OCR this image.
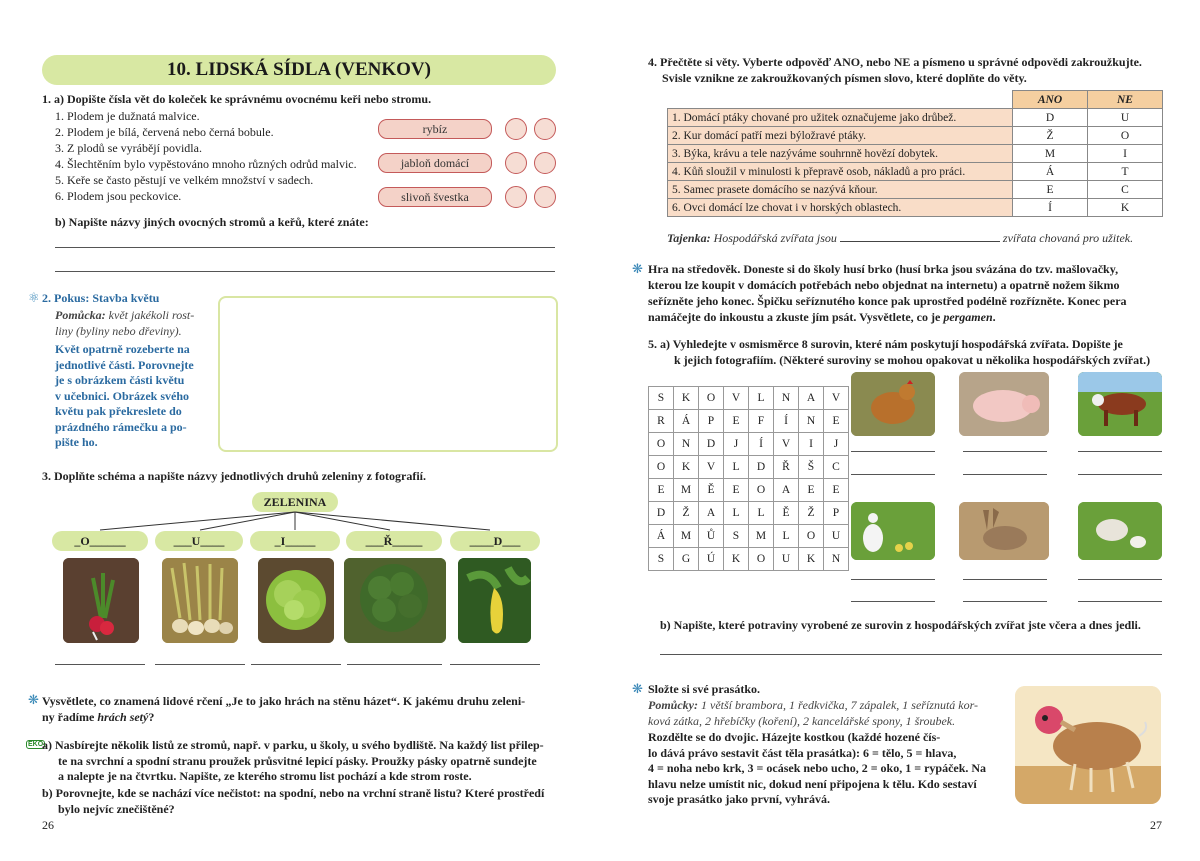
10. LIDSKÁ SÍDLA (VENKOV)
1. a) Dopište čísla vět do koleček ke správnému ovocnému keři nebo stromu.
1. Plodem je dužnatá malvice.
2. Plodem je bílá, červená nebo černá bobule.
3. Z plodů se vyrábějí povidla.
4. Šlechtěním bylo vypěstováno mnoho různých odrůd malvic.
5. Keře se často pěstují ve velkém množství v sadech.
6. Plodem jsou peckovice.
rybíz
jabloň domácí
slivoň švestka
b) Napište názvy jiných ovocných stromů a keřů, které znáte:
⚛ 2. Pokus: Stavba květu
Pomůcka: květ jakékoli rost-
liny (byliny nebo dřeviny).
Květ opatrně rozeberte na
jednotlivé části. Porovnejte
je s obrázkem části květu
v učebnici. Obrázek svého
květu pak překreslete do
prázdného rámečku a po-
pište ho.
3. Doplňte schéma a napište názvy jednotlivých druhů zeleniny z fotografií.
ZELENINA
_O______	___U____	_I_____	___Ř_____	____D___
❋ Vysvětlete, co znamená lidové rčení „Je to jako hrách na stěnu házet“. K jakému druhu zeleni-
ny řadíme hrách setý?
EKO
a) Nasbírejte několik listů ze stromů, např. v parku, u školy, u svého bydliště. Na každý list přilep-
te na svrchní a spodní stranu proužek průsvitné lepicí pásky. Proužky pásky opatrně sundejte
a nalepte je na čtvrtku. Napište, ze kterého stromu list pochází a kde strom roste.
b) Porovnejte, kde se nachází více nečistot: na spodní, nebo na vrchní straně listu? Které prostředí
bylo nejvíc znečištěné?
26
4. Přečtěte si věty. Vyberte odpověď ANO, nebo NE a písmeno u správné odpovědi zakroužkujte.
Svisle vznikne ze zakroužkovaných písmen slovo, které doplňte do věty.
	ANO	NE
1. Domácí ptáky chované pro užitek označujeme jako drůbež.	D	U
2. Kur domácí patří mezi býložravé ptáky.	Ž	O
3. Býka, krávu a tele nazýváme souhrnně hovězí dobytek.	M	I
4. Kůň sloužil v minulosti k přepravě osob, nákladů a pro práci.	Á	T
5. Samec prasete domácího se nazývá kňour.	E	C
6. Ovci domácí lze chovat i v horských oblastech.	Í	K
Tajenka: Hospodářská zvířata jsou	zvířata chovaná pro užitek.
❋ Hra na středověk. Doneste si do školy husí brko (husí brka jsou svázána do tzv. mašlovačky,
kterou lze koupit v domácích potřebách nebo objednat na internetu) a opatrně nožem šikmo
seřízněte jeho konec. Špičku seříznutého konce pak uprostřed podélně rozřízněte. Konec pera
namáčejte do inkoustu a zkuste jím psát. Vysvětlete, co je pergamen.
5. a) Vyhledejte v osmisměrce 8 surovin, které nám poskytují hospodářská zvířata. Dopište je
k jejich fotografiím. (Některé suroviny se mohou opakovat u několika hospodářských zvířat.)
S	K	O	V	L	N	A	V
R	Á	P	E	F	Í	N	E
O	N	D	J	Í	V	I	J
O	K	V	L	D	Ř	Š	C
E	M	Ě	E	O	A	E	E
D	Ž	A	L	L	Ě	Ž	P
Á	M	Ů	S	M	L	O	U
S	G	Ú	K	O	U	K	N
b) Napište, které potraviny vyrobené ze surovin z hospodářských zvířat jste včera a dnes jedli.
❋ Složte si své prasátko.
Pomůcky: 1 větší brambora, 1 ředkvička, 7 zápalek, 1 seříznutá kor-
ková zátka, 2 hřebíčky (koření), 2 kancelářské spony, 1 šroubek.
Rozdělte se do dvojic. Házejte kostkou (každé hozené čís-
lo dává právo sestavit část těla prasátka): 6 = tělo, 5 = hlava,
4 = noha nebo krk, 3 = ocásek nebo ucho, 2 = oko, 1 = rypáček. Na
hlavu nelze umístit nic, dokud není připojena k tělu. Kdo sestaví
svoje prasátko jako první, vyhrává.
27
